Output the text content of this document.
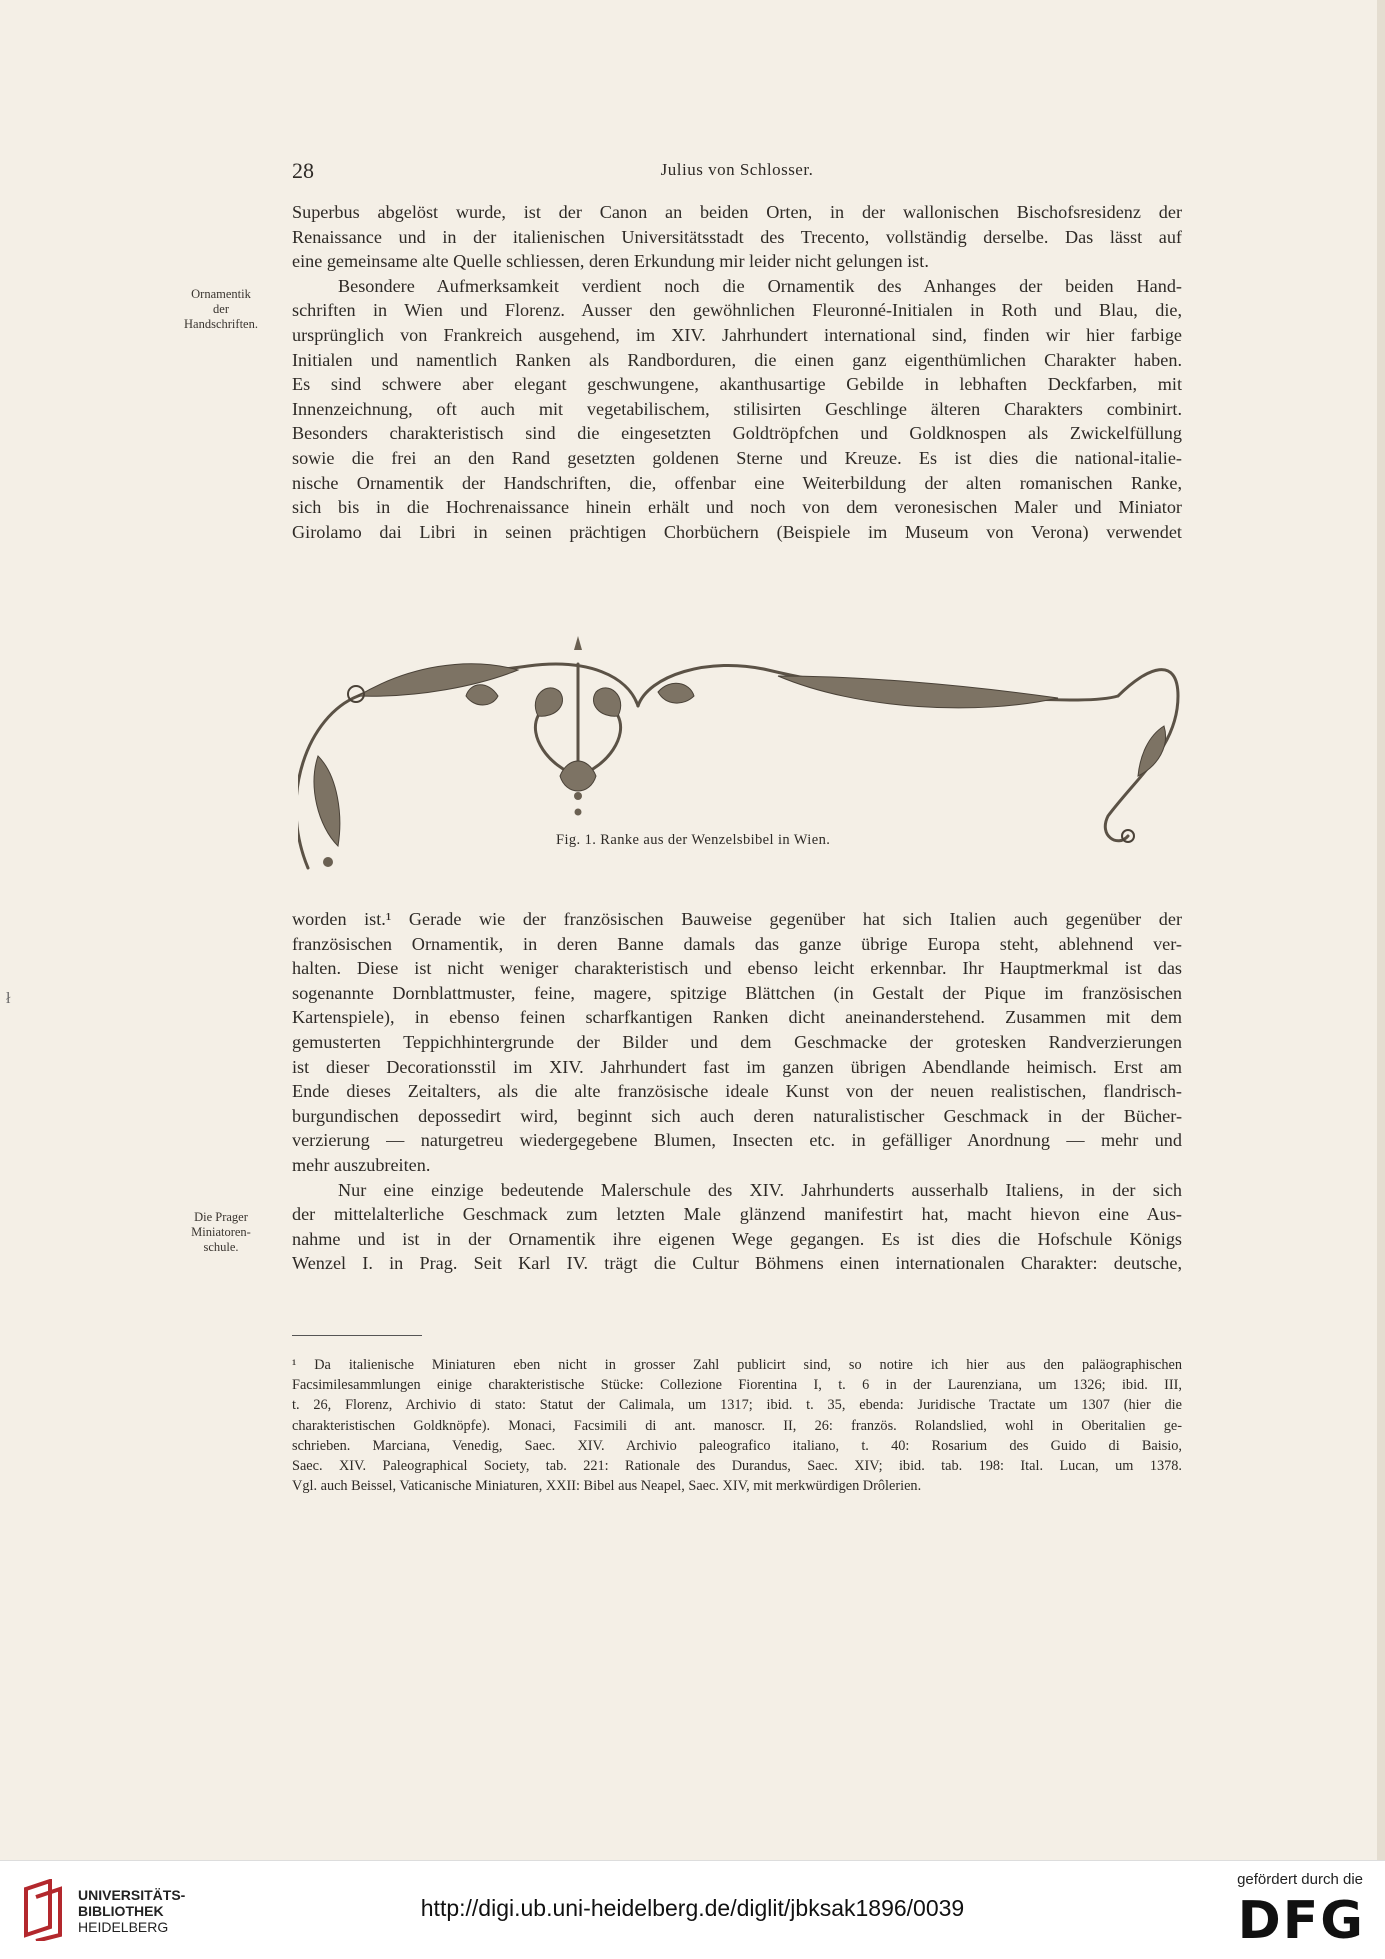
28	Julius von Schlosser.
Ornamentik
der
Handschriften.
Superbus abgelöst wurde, ist der Canon an beiden Orten, in der wallonischen Bischofsresidenz der
Renaissance und in der italienischen Universitätsstadt des Trecento, vollständig derselbe. Das lässt auf
eine gemeinsame alte Quelle schliessen, deren Erkundung mir leider nicht gelungen ist.
Besondere Aufmerksamkeit verdient noch die Ornamentik des Anhanges der beiden Hand-
schriften in Wien und Florenz. Ausser den gewöhnlichen Fleuronné-Initialen in Roth und Blau, die,
ursprünglich von Frankreich ausgehend, im XIV. Jahrhundert international sind, finden wir hier farbige
Initialen und namentlich Ranken als Randborduren, die einen ganz eigenthümlichen Charakter haben.
Es sind schwere aber elegant geschwungene, akanthusartige Gebilde in lebhaften Deckfarben, mit
Innenzeichnung, oft auch mit vegetabilischem, stilisirten Geschlinge älteren Charakters combinirt.
Besonders charakteristisch sind die eingesetzten Goldtröpfchen und Goldknospen als Zwickelfüllung
sowie die frei an den Rand gesetzten goldenen Sterne und Kreuze. Es ist dies die national-italie-
nische Ornamentik der Handschriften, die, offenbar eine Weiterbildung der alten romanischen Ranke,
sich bis in die Hochrenaissance hinein erhält und noch von dem veronesischen Maler und Miniator
Girolamo dai Libri in seinen prächtigen Chorbüchern (Beispiele im Museum von Verona) verwendet
Fig. 1. Ranke aus der Wenzelsbibel in Wien.
Die Prager
Miniatoren-
schule.
worden ist.¹ Gerade wie der französischen Bauweise gegenüber hat sich Italien auch gegenüber der
französischen Ornamentik, in deren Banne damals das ganze übrige Europa steht, ablehnend ver-
halten. Diese ist nicht weniger charakteristisch und ebenso leicht erkennbar. Ihr Hauptmerkmal ist das
sogenannte Dornblattmuster, feine, magere, spitzige Blättchen (in Gestalt der Pique im französischen
Kartenspiele), in ebenso feinen scharfkantigen Ranken dicht aneinanderstehend. Zusammen mit dem
gemusterten Teppichhintergrunde der Bilder und dem Geschmacke der grotesken Randverzierungen
ist dieser Decorationsstil im XIV. Jahrhundert fast im ganzen übrigen Abendlande heimisch. Erst am
Ende dieses Zeitalters, als die alte französische ideale Kunst von der neuen realistischen, flandrisch-
burgundischen depossedirt wird, beginnt sich auch deren naturalistischer Geschmack in der Bücher-
verzierung — naturgetreu wiedergegebene Blumen, Insecten etc. in gefälliger Anordnung — mehr und
mehr auszubreiten.
Nur eine einzige bedeutende Malerschule des XIV. Jahrhunderts ausserhalb Italiens, in der sich
der mittelalterliche Geschmack zum letzten Male glänzend manifestirt hat, macht hievon eine Aus-
nahme und ist in der Ornamentik ihre eigenen Wege gegangen. Es ist dies die Hofschule Königs
Wenzel I. in Prag. Seit Karl IV. trägt die Cultur Böhmens einen internationalen Charakter: deutsche,
¹ Da italienische Miniaturen eben nicht in grosser Zahl publicirt sind, so notire ich hier aus den paläographischen
Facsimilesammlungen einige charakteristische Stücke: Collezione Fiorentina I, t. 6 in der Laurenziana, um 1326; ibid. III,
t. 26, Florenz, Archivio di stato: Statut der Calimala, um 1317; ibid. t. 35, ebenda: Juridische Tractate um 1307 (hier die
charakteristischen Goldknöpfe). Monaci, Facsimili di ant. manoscr. II, 26: französ. Rolandslied, wohl in Oberitalien ge-
schrieben. Marciana, Venedig, Saec. XIV. Archivio paleografico italiano, t. 40: Rosarium des Guido di Baisio,
Saec. XIV. Paleographical Society, tab. 221: Rationale des Durandus, Saec. XIV; ibid. tab. 198: Ital. Lucan, um 1378.
Vgl. auch Beissel, Vaticanische Miniaturen, XXII: Bibel aus Neapel, Saec. XIV, mit merkwürdigen Drôlerien.
ł
UNIVERSITÄTS-
BIBLIOTHEK
HEIDELBERG
http://digi.ub.uni-heidelberg.de/diglit/jbksak1896/0039
gefördert durch die
DFG
